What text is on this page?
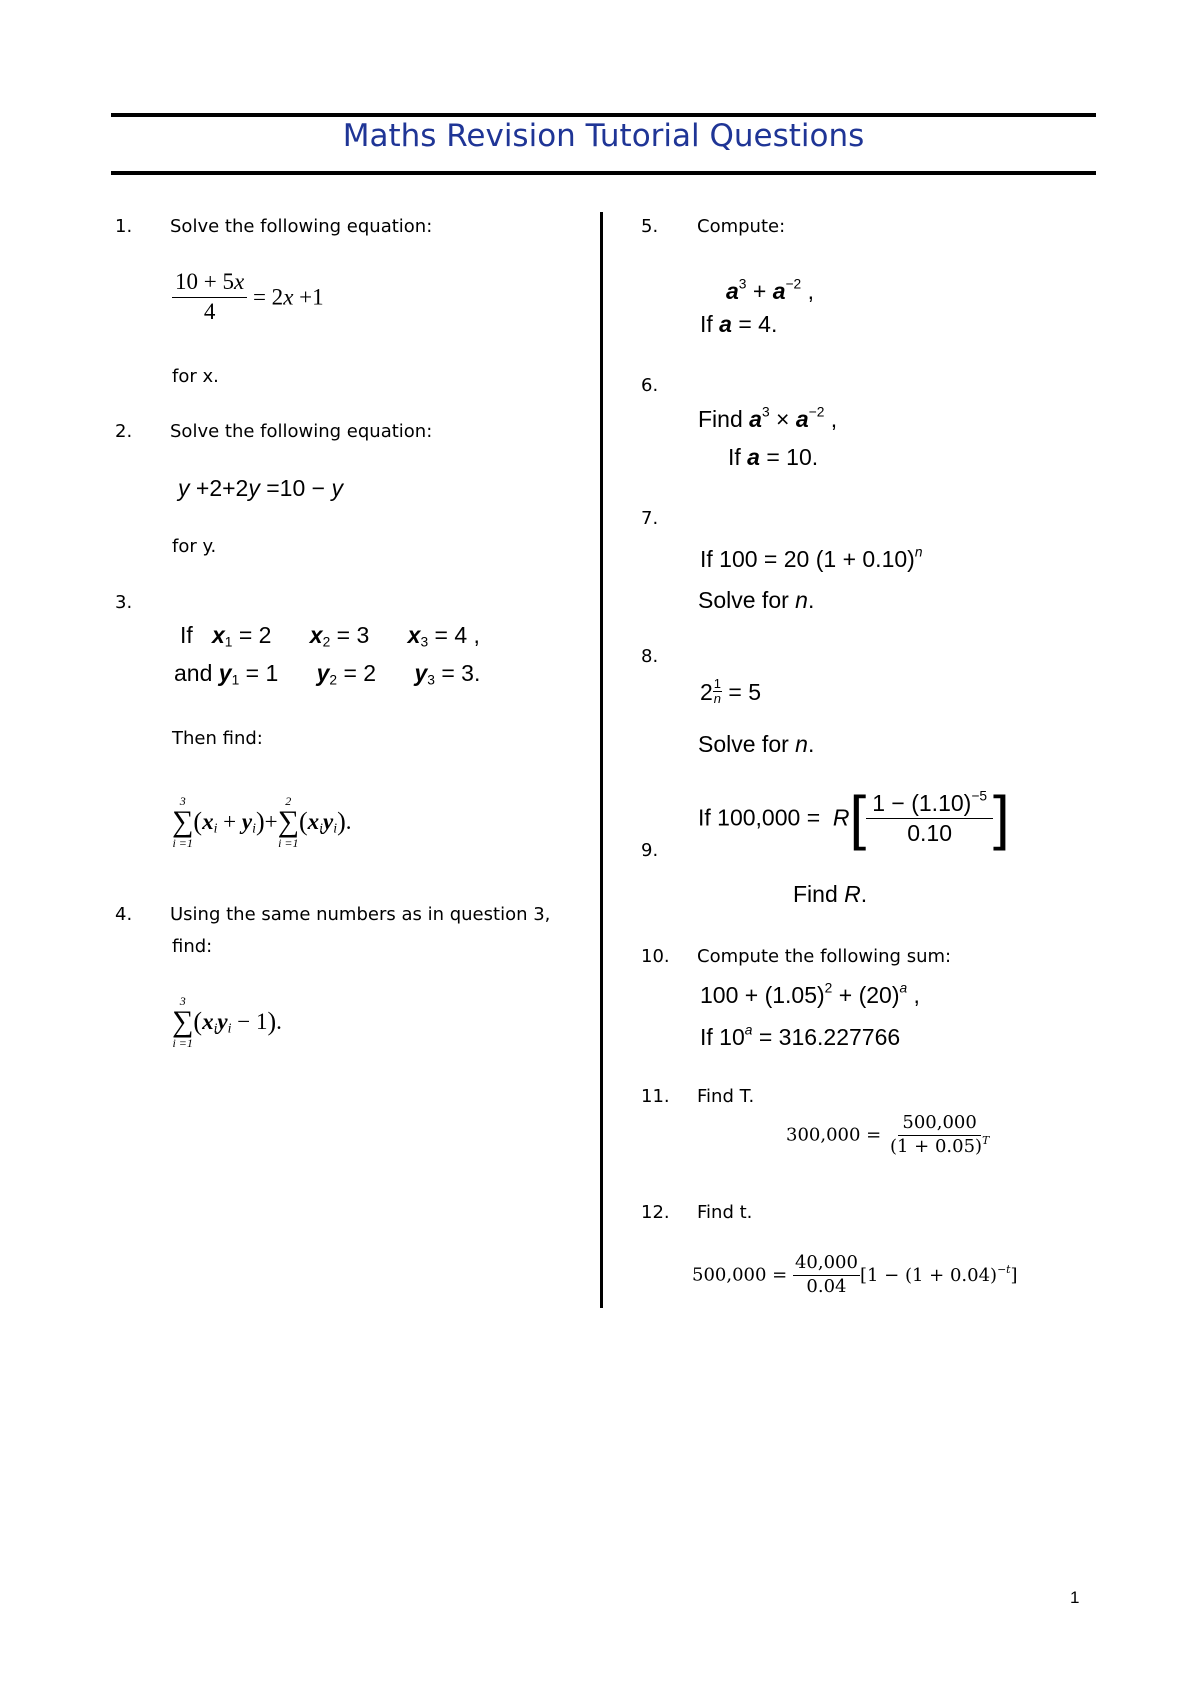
Maths Revision Tutorial Questions
1. Solve the following equation:
$\frac{10 + 5x}{4} = 2x +1$
for x.
2. Solve the following equation:
y +2+2y =10 − y
for y.
3.
If   $x_1 = 2$      $x_2 = 3$      $x_3 = 4$ ,
and $y_1 = 1$      $y_2 = 2$      $y_3 = 3$.
Then find:
3
∑
i =1
$(x_i + y_i)+$
2
∑
i =1
$(x_iy_i)$.
4. Using the same numbers as in question 3,
find:
3
∑
i =1
$(x_iy_i - 1)$.
5. Compute:
$a^3 + a^{-2}$ ,
If a = 4.
6.
Find $a^3 \times a^{-2}$ ,
If a = 10.
7.
If 100 = 20 $(1 + 0.10)^n$
Solve for n.
8.
$2 \frac{1}{n} = 5$
Solve for n.
9.
If $100,000 = R[ \frac{1 - (1.10)^{-5}}{0.10}$ ]
Find R.
10. Compute the following sum:
$100 + (1.05)^2 + (20)^a$ ,
If $10^a = 316.227766$
11. Find T.
$300,000 = \frac{500,000}{(1 + 0.05)^T}$
12. Find t.
$500,000 = \frac{40,000}{0.04} [1 - (1 + 0.04)^{-t}]$
1
